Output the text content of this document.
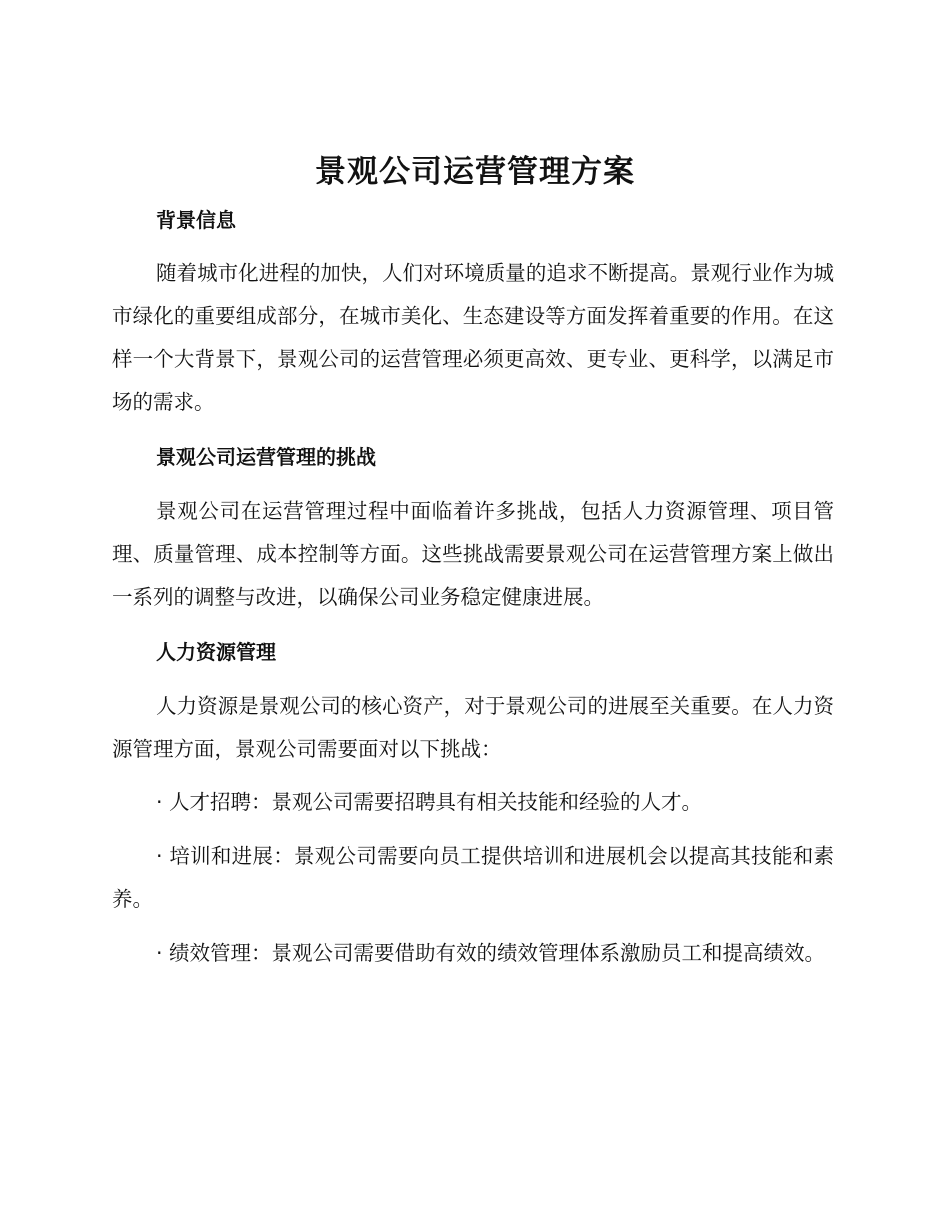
景观公司运营管理方案
背景信息

随着城市化进程的加快，人们对环境质量的追求不断提高。景观行业作为城市绿化的重要组成部分，在城市美化、生态建设等方面发挥着重要的作用。在这样一个大背景下，景观公司的运营管理必须更高效、更专业、更科学，以满足市场的需求。

景观公司运营管理的挑战

景观公司在运营管理过程中面临着许多挑战，包括人力资源管理、项目管理、质量管理、成本控制等方面。这些挑战需要景观公司在运营管理方案上做出一系列的调整与改进，以确保公司业务稳定健康进展。

人力资源管理

人力资源是景观公司的核心资产，对于景观公司的进展至关重要。在人力资源管理方面，景观公司需要面对以下挑战：

· 人才招聘：景观公司需要招聘具有相关技能和经验的人才。

· 培训和进展：景观公司需要向员工提供培训和进展机会以提高其技能和素养。

· 绩效管理：景观公司需要借助有效的绩效管理体系激励员工和提高绩效。
